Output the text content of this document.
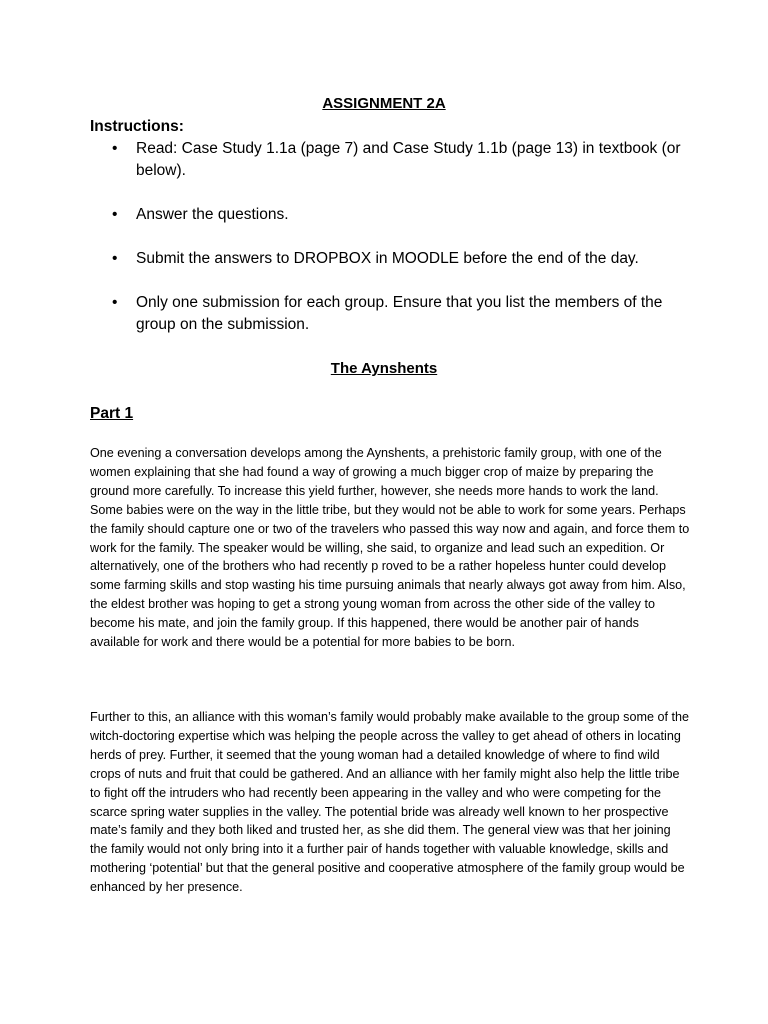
ASSIGNMENT 2A

Instructions:

•	Read: Case Study 1.1a (page 7) and Case Study 1.1b (page 13) in textbook (or below).
•	Answer the questions.
•	Submit the answers to DROPBOX in MOODLE before the end of the day.
•	Only one submission for each group. Ensure that you list the members of the group on the submission.
The Aynshents
Part 1

One evening a conversation develops among the Aynshents, a prehistoric family group, with one of the women explaining that she had found a way of growing a much bigger crop of maize by preparing the ground more carefully. To increase this yield further, however, she needs more hands to work the land. Some babies were on the way in the little tribe, but they would not be able to work for some years. Perhaps the family should capture one or two of the travelers who passed this way now and again, and force them to work for the family. The speaker would be willing, she said, to organize and lead such an expedition. Or alternatively, one of the brothers who had recently p roved to be a rather hopeless hunter could develop some farming skills and stop wasting his time pursuing animals that nearly always got away from him. Also, the eldest brother was hoping to get a strong young woman from across the other side of the valley to become his mate, and join the family group. If this happened, there would be another pair of hands available for work and there would be a potential for more babies to be born.

Further to this, an alliance with this woman’s family would probably make available to the group some of the witch-doctoring expertise which was helping the people across the valley to get ahead of others in locating herds of prey. Further, it seemed that the young woman had a detailed knowledge of where to find wild crops of nuts and fruit that could be gathered. And an alliance with her family might also help the little tribe to fight off the intruders who had recently been appearing in the valley and who were competing for the scarce spring water supplies in the valley. The potential bride was already well known to her prospective mate’s family and they both liked and trusted her, as she did them. The general view was that her joining the family would not only bring into it a further pair of hands together with valuable knowledge, skills and mothering ‘potential’ but that the general positive and cooperative atmosphere of the family group would be enhanced by her presence.
